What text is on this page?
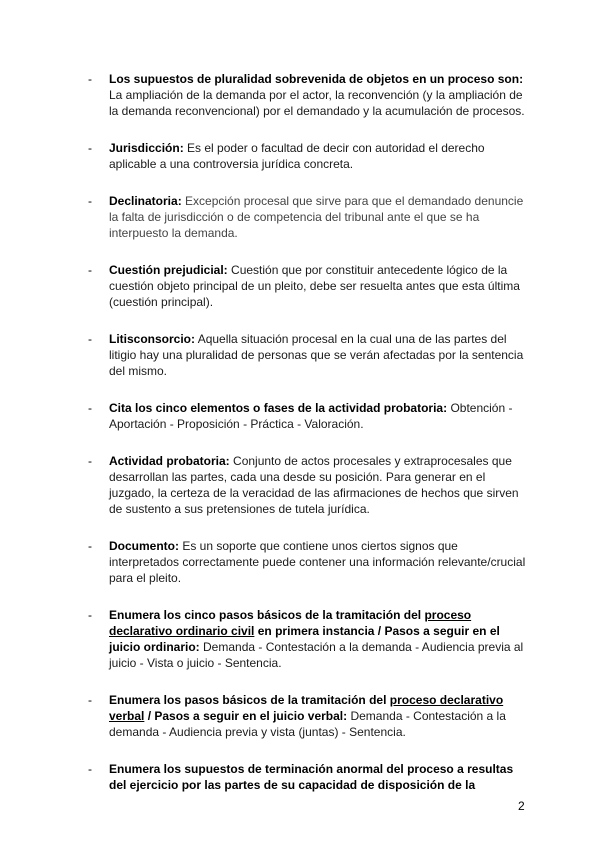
- Los supuestos de pluralidad sobrevenida de objetos en un proceso son: La ampliación de la demanda por el actor, la reconvención (y la ampliación de la demanda reconvencional) por el demandado y la acumulación de procesos.
- Jurisdicción: Es el poder o facultad de decir con autoridad el derecho aplicable a una controversia jurídica concreta.
- Declinatoria: Excepción procesal que sirve para que el demandado denuncie la falta de jurisdicción o de competencia del tribunal ante el que se ha interpuesto la demanda.
- Cuestión prejudicial: Cuestión que por constituir antecedente lógico de la cuestión objeto principal de un pleito, debe ser resuelta antes que esta última (cuestión principal).
- Litisconsorcio: Aquella situación procesal en la cual una de las partes del litigio hay una pluralidad de personas que se verán afectadas por la sentencia del mismo.
- Cita los cinco elementos o fases de la actividad probatoria: Obtención - Aportación - Proposición - Práctica - Valoración.
- Actividad probatoria: Conjunto de actos procesales y extraprocesales que desarrollan las partes, cada una desde su posición. Para generar en el juzgado, la certeza de la veracidad de las afirmaciones de hechos que sirven de sustento a sus pretensiones de tutela jurídica.
- Documento: Es un soporte que contiene unos ciertos signos que interpretados correctamente puede contener una información relevante/crucial para el pleito.
- Enumera los cinco pasos básicos de la tramitación del proceso declarativo ordinario civil en primera instancia / Pasos a seguir en el juicio ordinario: Demanda - Contestación a la demanda - Audiencia previa al juicio - Vista o juicio - Sentencia.
- Enumera los pasos básicos de la tramitación del proceso declarativo verbal / Pasos a seguir en el juicio verbal: Demanda - Contestación a la demanda - Audiencia previa y vista (juntas) - Sentencia.
- Enumera los supuestos de terminación anormal del proceso a resultas del ejercicio por las partes de su capacidad de disposición de la
2
